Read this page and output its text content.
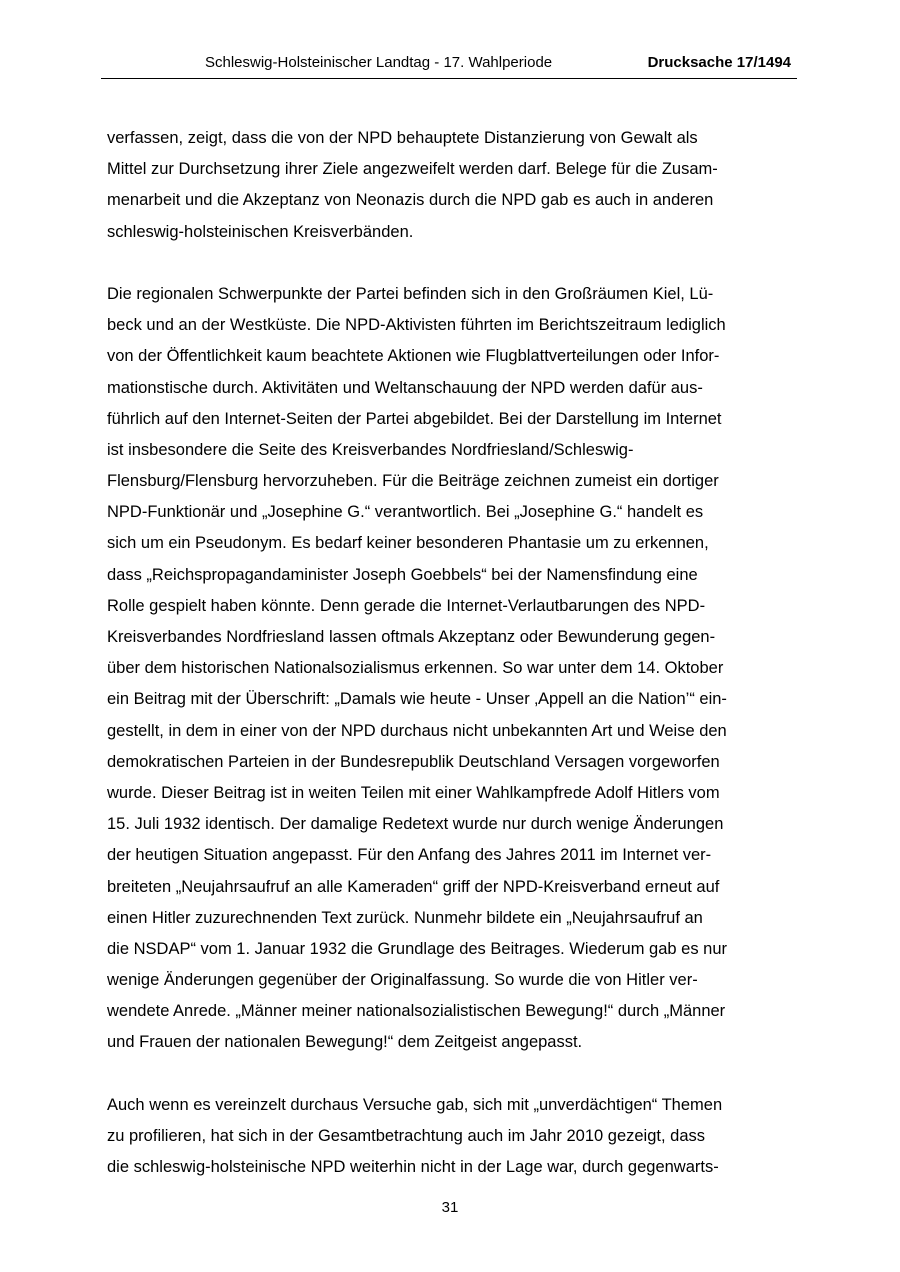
Schleswig-Holsteinischer Landtag - 17. Wahlperiode	Drucksache 17/1494
verfassen, zeigt, dass die von der NPD behauptete Distanzierung von Gewalt als
Mittel zur Durchsetzung ihrer Ziele angezweifelt werden darf. Belege für die Zusam-
menarbeit und die Akzeptanz von Neonazis durch die NPD gab es auch in anderen
schleswig-holsteinischen Kreisverbänden.
Die regionalen Schwerpunkte der Partei befinden sich in den Großräumen Kiel, Lü-
beck und an der Westküste. Die NPD-Aktivisten führten im Berichtszeitraum lediglich
von der Öffentlichkeit kaum beachtete Aktionen wie Flugblattverteilungen oder Infor-
mationstische durch. Aktivitäten und Weltanschauung der NPD werden dafür aus-
führlich auf den Internet-Seiten der Partei abgebildet. Bei der Darstellung im Internet
ist insbesondere die Seite des Kreisverbandes Nordfriesland/Schleswig-
Flensburg/Flensburg hervorzuheben. Für die Beiträge zeichnen zumeist ein dortiger
NPD-Funktionär und „Josephine G.“ verantwortlich. Bei „Josephine G.“ handelt es
sich um ein Pseudonym. Es bedarf keiner besonderen Phantasie um zu erkennen,
dass „Reichspropagandaminister Joseph Goebbels“ bei der Namensfindung eine
Rolle gespielt haben könnte. Denn gerade die Internet-Verlautbarungen des NPD-
Kreisverbandes Nordfriesland lassen oftmals Akzeptanz oder Bewunderung gegen-
über dem historischen Nationalsozialismus erkennen. So war unter dem 14. Oktober
ein Beitrag mit der Überschrift: „Damals wie heute - Unser ‚Appell an die Nation’“ ein-
gestellt, in dem in einer von der NPD durchaus nicht unbekannten Art und Weise den
demokratischen Parteien in der Bundesrepublik Deutschland Versagen vorgeworfen
wurde. Dieser Beitrag ist in weiten Teilen mit einer Wahlkampfrede Adolf Hitlers vom
15. Juli 1932 identisch. Der damalige Redetext wurde nur durch wenige Änderungen
der heutigen Situation angepasst. Für den Anfang des Jahres 2011 im Internet ver-
breiteten „Neujahrsaufruf an alle Kameraden“ griff der NPD-Kreisverband erneut auf
einen Hitler zuzurechnenden Text zurück. Nunmehr bildete ein „Neujahrsaufruf an
die NSDAP“ vom 1. Januar 1932 die Grundlage des Beitrages. Wiederum gab es nur
wenige Änderungen gegenüber der Originalfassung. So wurde die von Hitler ver-
wendete Anrede. „Männer meiner nationalsozialistischen Bewegung!“ durch „Männer
und Frauen der nationalen Bewegung!“ dem Zeitgeist angepasst.
Auch wenn es vereinzelt durchaus Versuche gab, sich mit „unverdächtigen“ Themen
zu profilieren, hat sich in der Gesamtbetrachtung auch im Jahr 2010 gezeigt, dass
die schleswig-holsteinische NPD weiterhin nicht in der Lage war, durch gegenwarts-
31
